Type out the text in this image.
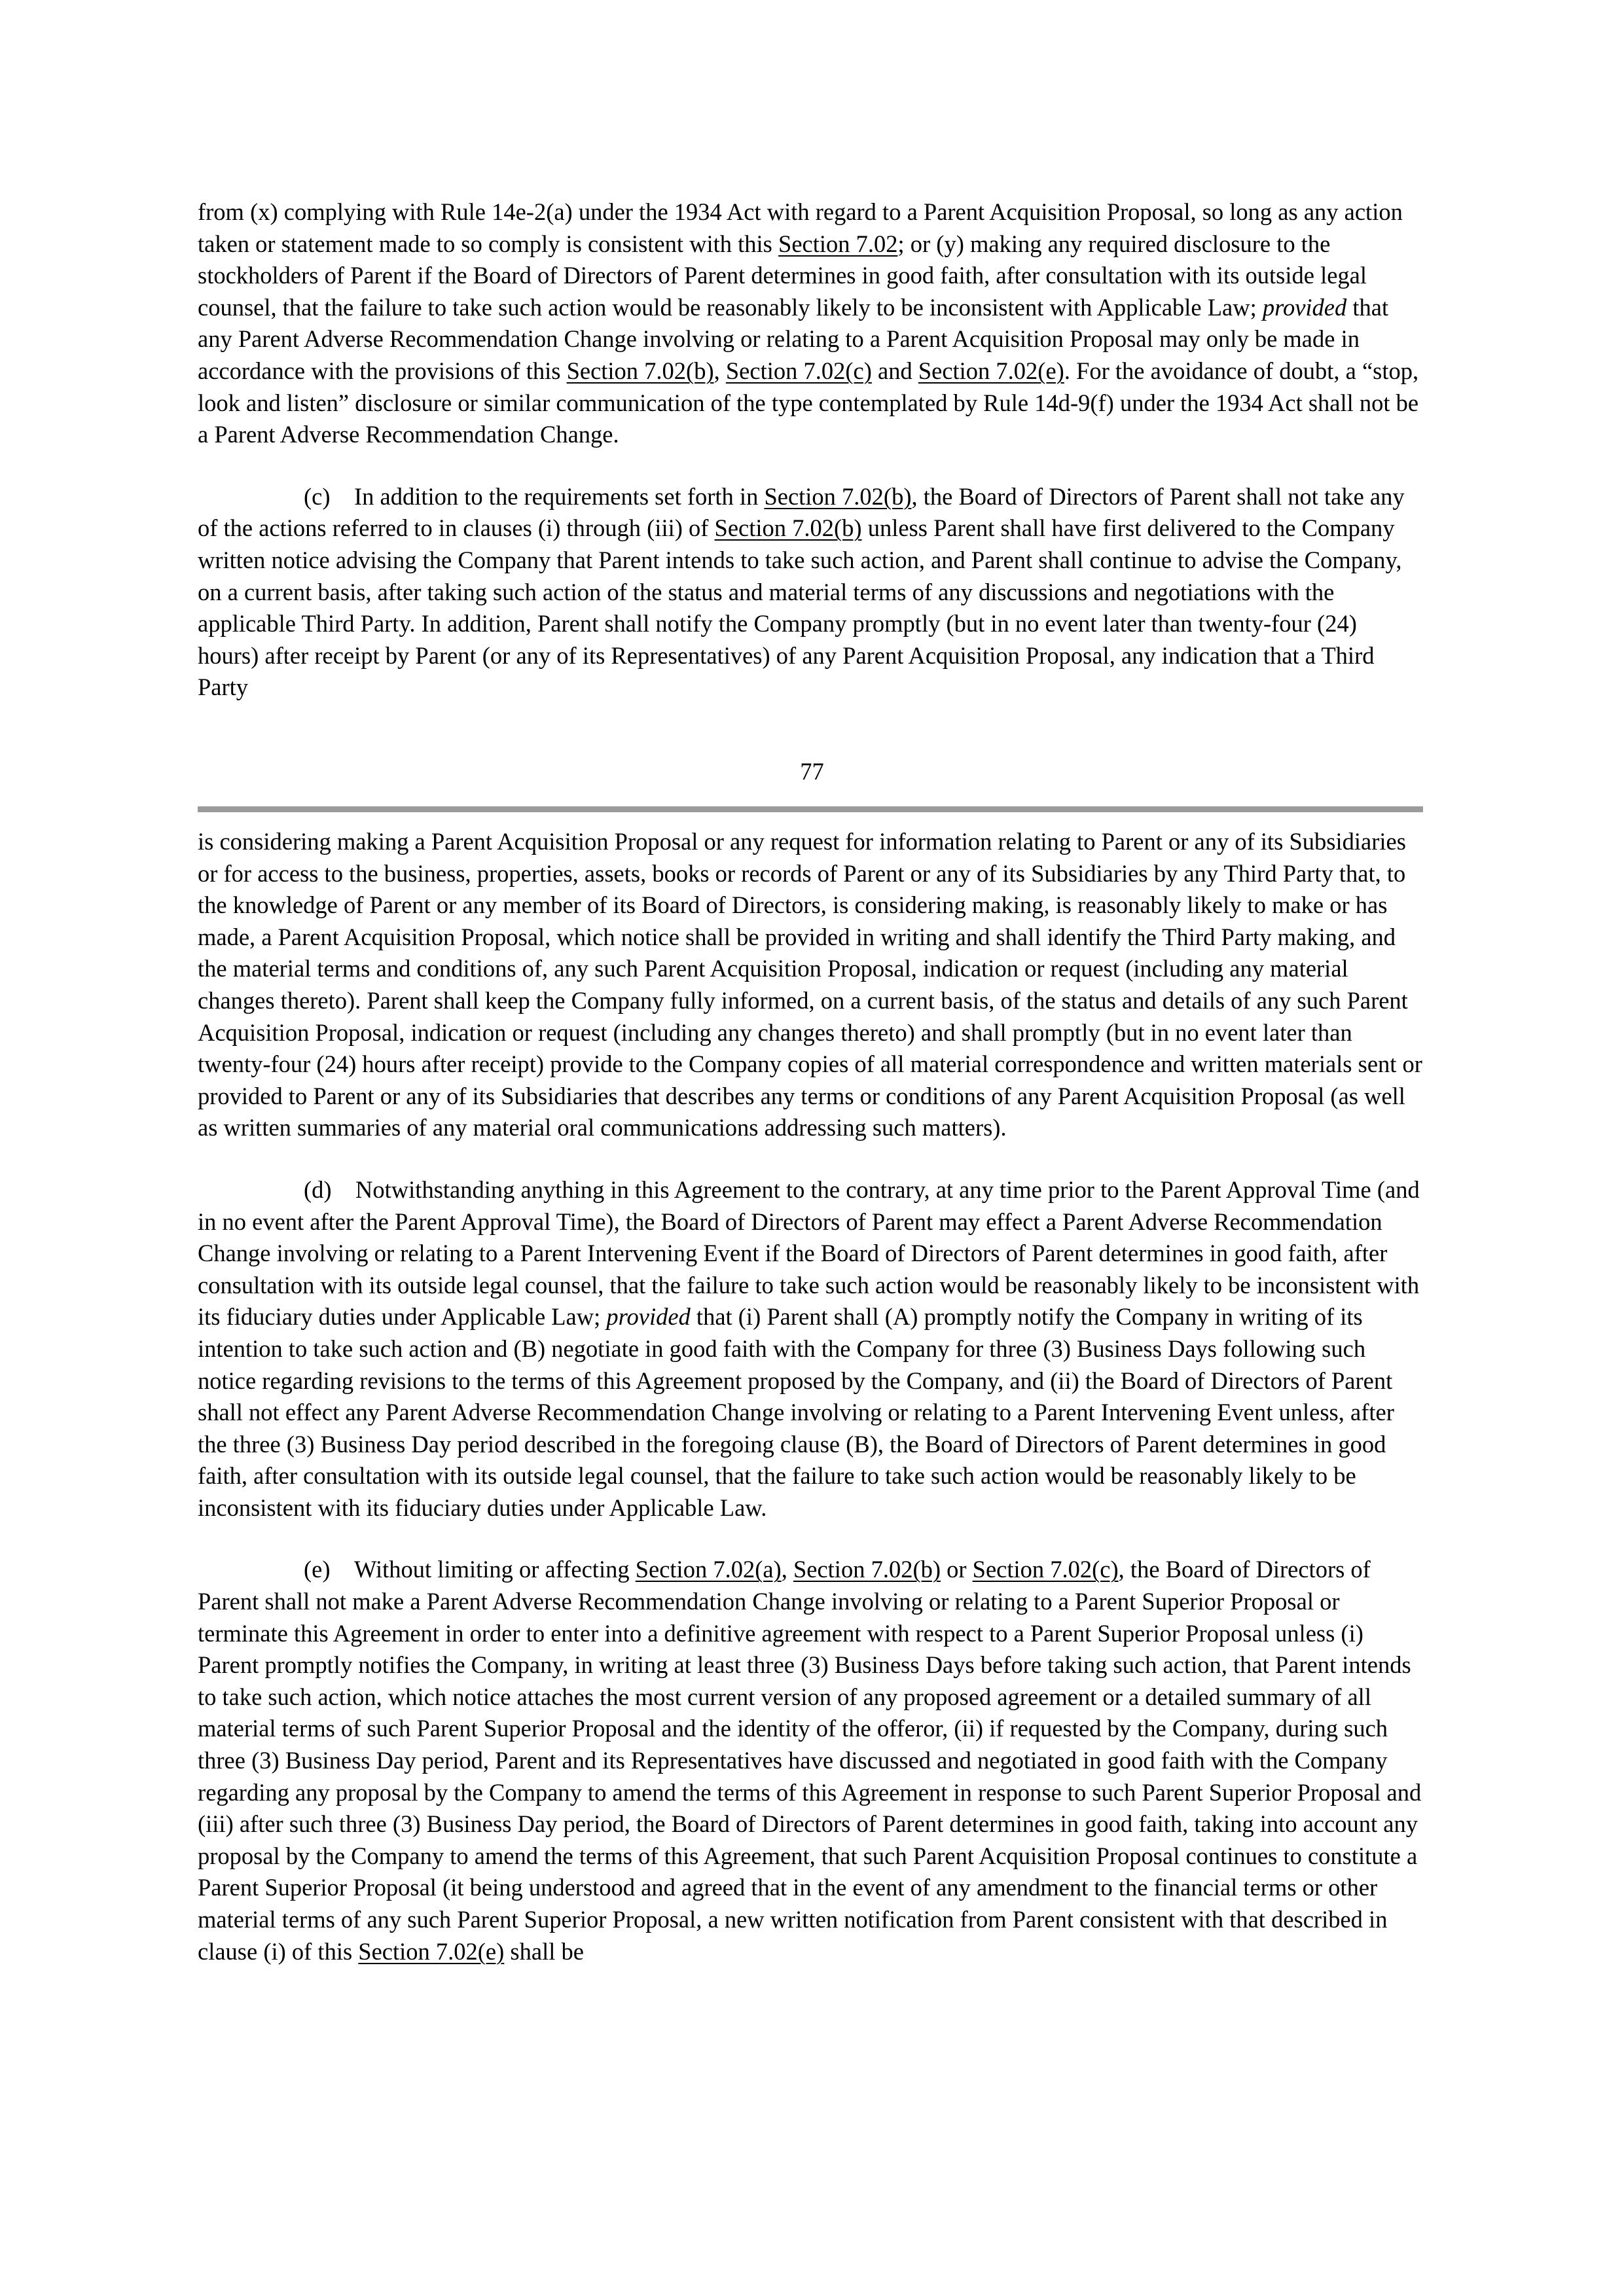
from (x) complying with Rule 14e-2(a) under the 1934 Act with regard to a Parent Acquisition Proposal, so long as any action taken or statement made to so comply is consistent with this Section 7.02; or (y) making any required disclosure to the stockholders of Parent if the Board of Directors of Parent determines in good faith, after consultation with its outside legal counsel, that the failure to take such action would be reasonably likely to be inconsistent with Applicable Law; provided that any Parent Adverse Recommendation Change involving or relating to a Parent Acquisition Proposal may only be made in accordance with the provisions of this Section 7.02(b), Section 7.02(c) and Section 7.02(e). For the avoidance of doubt, a “stop, look and listen” disclosure or similar communication of the type contemplated by Rule 14d-9(f) under the 1934 Act shall not be a Parent Adverse Recommendation Change.

(c) In addition to the requirements set forth in Section 7.02(b), the Board of Directors of Parent shall not take any of the actions referred to in clauses (i) through (iii) of Section 7.02(b) unless Parent shall have first delivered to the Company written notice advising the Company that Parent intends to take such action, and Parent shall continue to advise the Company, on a current basis, after taking such action of the status and material terms of any discussions and negotiations with the applicable Third Party. In addition, Parent shall notify the Company promptly (but in no event later than twenty-four (24) hours) after receipt by Parent (or any of its Representatives) of any Parent Acquisition Proposal, any indication that a Third Party

77

is considering making a Parent Acquisition Proposal or any request for information relating to Parent or any of its Subsidiaries or for access to the business, properties, assets, books or records of Parent or any of its Subsidiaries by any Third Party that, to the knowledge of Parent or any member of its Board of Directors, is considering making, is reasonably likely to make or has made, a Parent Acquisition Proposal, which notice shall be provided in writing and shall identify the Third Party making, and the material terms and conditions of, any such Parent Acquisition Proposal, indication or request (including any material changes thereto). Parent shall keep the Company fully informed, on a current basis, of the status and details of any such Parent Acquisition Proposal, indication or request (including any changes thereto) and shall promptly (but in no event later than twenty-four (24) hours after receipt) provide to the Company copies of all material correspondence and written materials sent or provided to Parent or any of its Subsidiaries that describes any terms or conditions of any Parent Acquisition Proposal (as well as written summaries of any material oral communications addressing such matters).

(d) Notwithstanding anything in this Agreement to the contrary, at any time prior to the Parent Approval Time (and in no event after the Parent Approval Time), the Board of Directors of Parent may effect a Parent Adverse Recommendation Change involving or relating to a Parent Intervening Event if the Board of Directors of Parent determines in good faith, after consultation with its outside legal counsel, that the failure to take such action would be reasonably likely to be inconsistent with its fiduciary duties under Applicable Law; provided that (i) Parent shall (A) promptly notify the Company in writing of its intention to take such action and (B) negotiate in good faith with the Company for three (3) Business Days following such notice regarding revisions to the terms of this Agreement proposed by the Company, and (ii) the Board of Directors of Parent shall not effect any Parent Adverse Recommendation Change involving or relating to a Parent Intervening Event unless, after the three (3) Business Day period described in the foregoing clause (B), the Board of Directors of Parent determines in good faith, after consultation with its outside legal counsel, that the failure to take such action would be reasonably likely to be inconsistent with its fiduciary duties under Applicable Law.

(e) Without limiting or affecting Section 7.02(a), Section 7.02(b) or Section 7.02(c), the Board of Directors of Parent shall not make a Parent Adverse Recommendation Change involving or relating to a Parent Superior Proposal or terminate this Agreement in order to enter into a definitive agreement with respect to a Parent Superior Proposal unless (i) Parent promptly notifies the Company, in writing at least three (3) Business Days before taking such action, that Parent intends to take such action, which notice attaches the most current version of any proposed agreement or a detailed summary of all material terms of such Parent Superior Proposal and the identity of the offeror, (ii) if requested by the Company, during such three (3) Business Day period, Parent and its Representatives have discussed and negotiated in good faith with the Company regarding any proposal by the Company to amend the terms of this Agreement in response to such Parent Superior Proposal and (iii) after such three (3) Business Day period, the Board of Directors of Parent determines in good faith, taking into account any proposal by the Company to amend the terms of this Agreement, that such Parent Acquisition Proposal continues to constitute a Parent Superior Proposal (it being understood and agreed that in the event of any amendment to the financial terms or other material terms of any such Parent Superior Proposal, a new written notification from Parent consistent with that described in clause (i) of this Section 7.02(e) shall be
